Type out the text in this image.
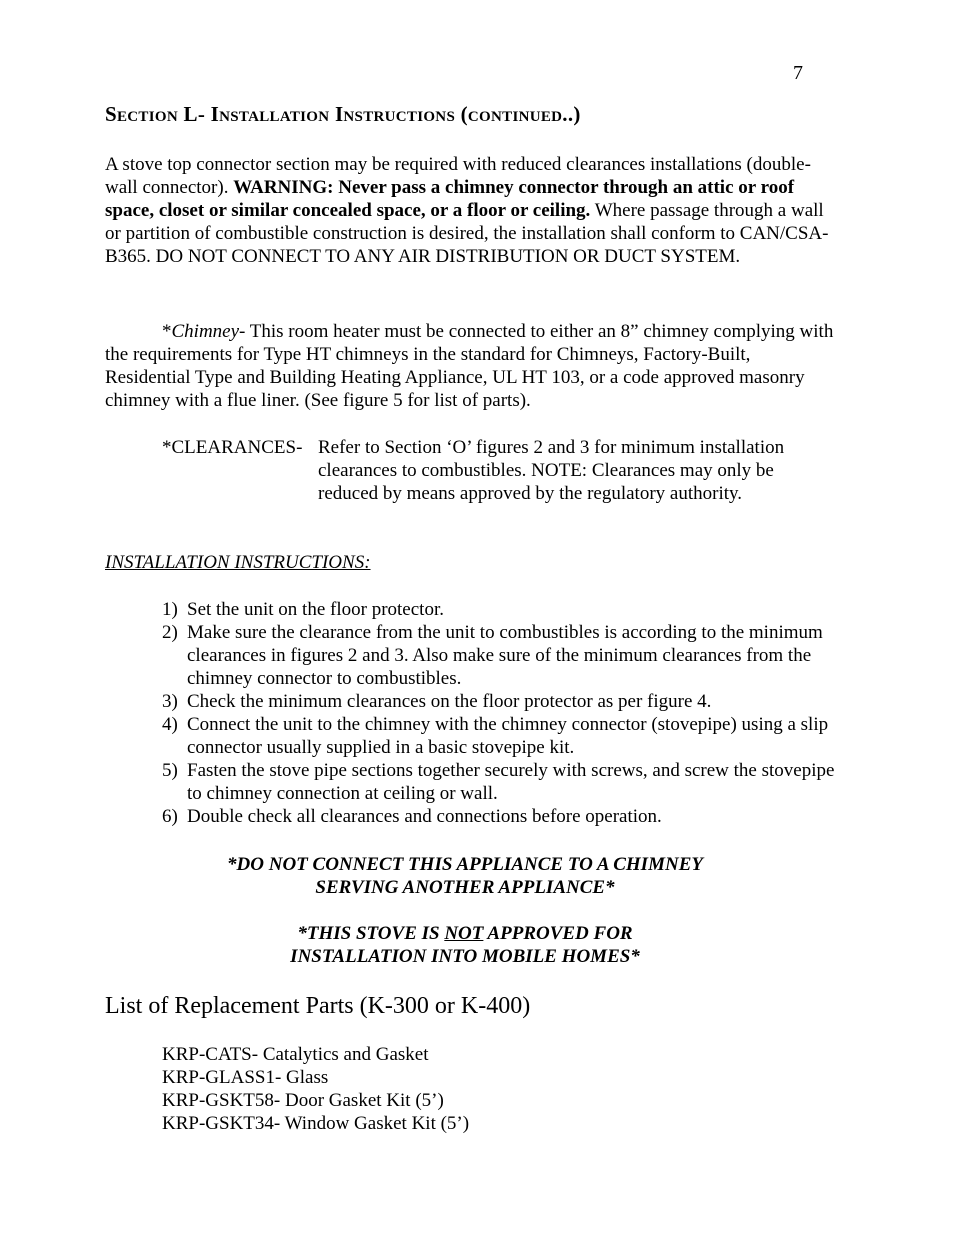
7
Section L- Installation Instructions (continued..)
A stove top connector section may be required with reduced clearances installations (double-wall connector). WARNING: Never pass a chimney connector through an attic or roof space, closet or similar concealed space, or a floor or ceiling. Where passage through a wall or partition of combustible construction is desired, the installation shall conform to CAN/CSA-B365. DO NOT CONNECT TO ANY AIR DISTRIBUTION OR DUCT SYSTEM.
*Chimney- This room heater must be connected to either an 8” chimney complying with the requirements for Type HT chimneys in the standard for Chimneys, Factory-Built, Residential Type and Building Heating Appliance, UL HT 103, or a code approved masonry chimney with a flue liner. (See figure 5 for list of parts).
*CLEARANCES- Refer to Section ‘O’ figures 2 and 3 for minimum installation clearances to combustibles. NOTE: Clearances may only be reduced by means approved by the regulatory authority.
INSTALLATION INSTRUCTIONS:
1) Set the unit on the floor protector.
2) Make sure the clearance from the unit to combustibles is according to the minimum clearances in figures 2 and 3. Also make sure of the minimum clearances from the chimney connector to combustibles.
3) Check the minimum clearances on the floor protector as per figure 4.
4) Connect the unit to the chimney with the chimney connector (stovepipe) using a slip connector usually supplied in a basic stovepipe kit.
5) Fasten the stove pipe sections together securely with screws, and screw the stovepipe to chimney connection at ceiling or wall.
6) Double check all clearances and connections before operation.
*DO NOT CONNECT THIS APPLIANCE TO A CHIMNEY
SERVING ANOTHER APPLIANCE*
*THIS STOVE IS NOT APPROVED FOR
INSTALLATION INTO MOBILE HOMES*
List of Replacement Parts (K-300 or K-400)
KRP-CATS- Catalytics and Gasket
KRP-GLASS1- Glass
KRP-GSKT58- Door Gasket Kit (5’)
KRP-GSKT34- Window Gasket Kit (5’)
